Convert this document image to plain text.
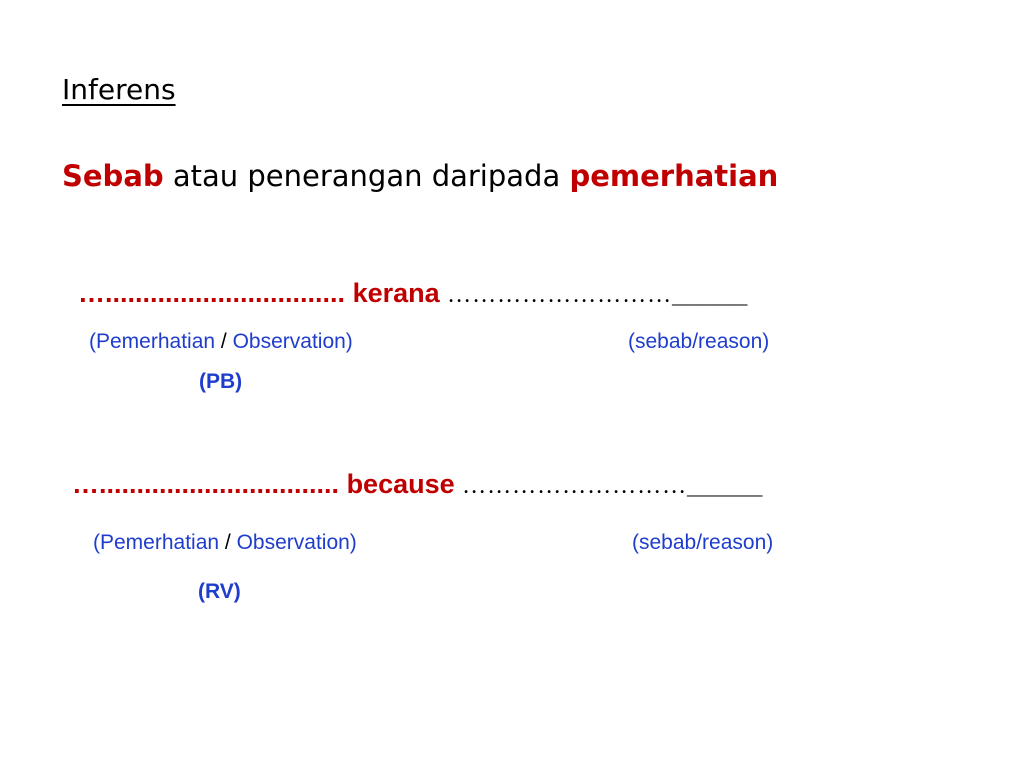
Inferens
Sebab atau penerangan daripada pemerhatian
…................................ kerana ………………………_____
(Pemerhatian / Observation)	(sebab/reason)
(PB)
…................................ because ………………………_____
(Pemerhatian / Observation)	(sebab/reason)
(RV)
